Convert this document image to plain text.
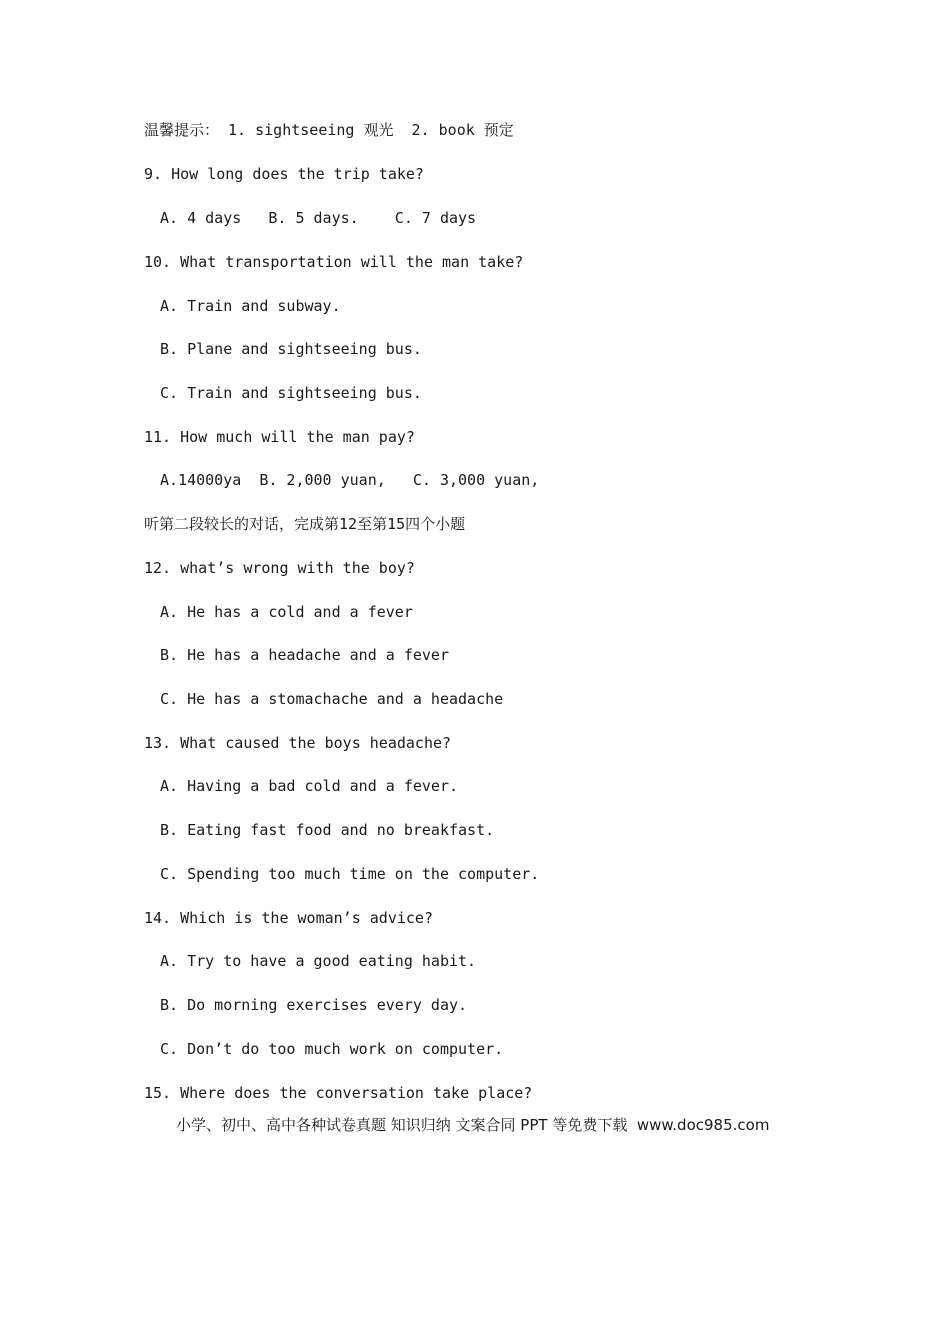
温馨提示： 1. sightseeing 观光  2. book 预定
9. How long does the trip take?
A. 4 days   B. 5 days.    C. 7 days
10. What transportation will the man take?
A. Train and subway.
B. Plane and sightseeing bus.
C. Train and sightseeing bus.
11. How much will the man pay?
A.14000ya  B. 2,000 yuan,   C. 3,000 yuan,
听第二段较长的对话，完成第12至第15四个小题
12. what’s wrong with the boy?
A. He has a cold and a fever
B. He has a headache and a fever
C. He has a stomachache and a headache
13. What caused the boys headache?
A. Having a bad cold and a fever.
B. Eating fast food and no breakfast.
C. Spending too much time on the computer.
14. Which is the woman’s advice?
A. Try to have a good eating habit.
B. Do morning exercises every day.
C. Don’t do too much work on computer.
15. Where does the conversation take place?
小学、初中、高中各种试卷真题 知识归纳 文案合同 PPT 等免费下载  www.doc985.com
